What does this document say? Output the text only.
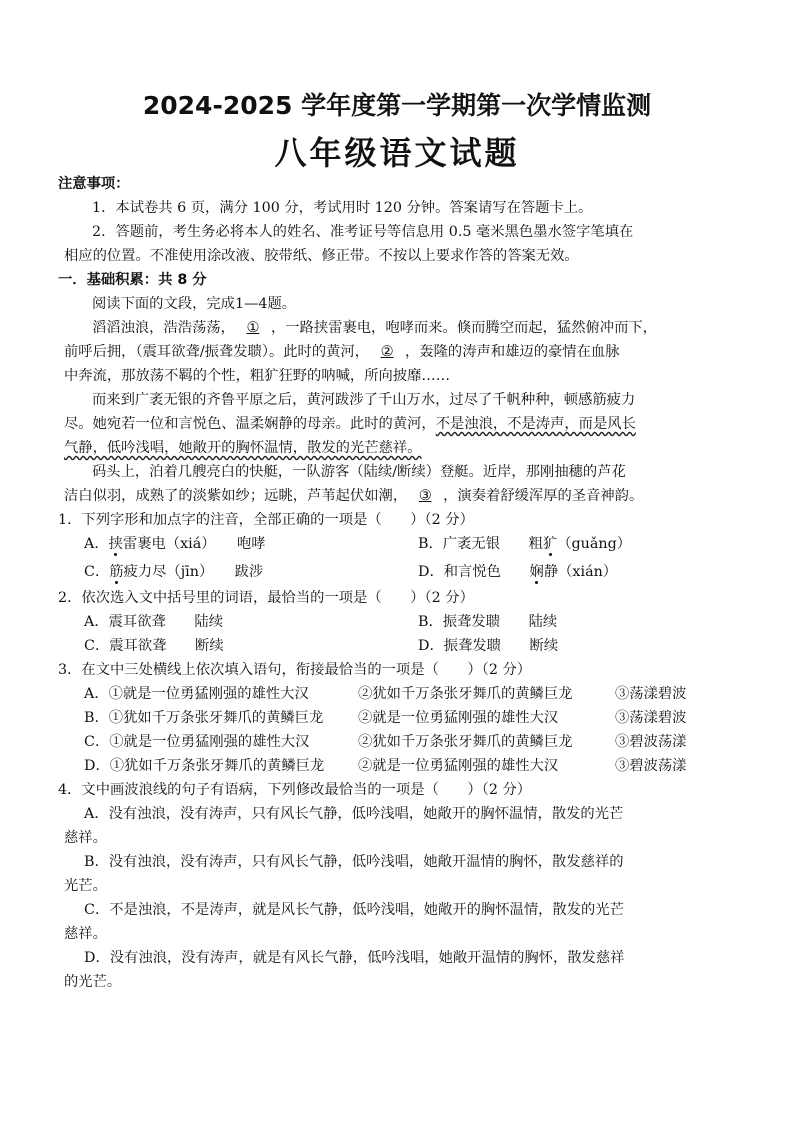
2024-2025 学年度第一学期第一次学情监测
八年级语文试题
注意事项：
1．本试卷共 6 页，满分 100 分，考试用时 120 分钟。答案请写在答题卡上。
2．答题前，考生务必将本人的姓名、准考证号等信息用 0.5 毫米黑色墨水签字笔填在
相应的位置。不准使用涂改液、胶带纸、修正带。不按以上要求作答的答案无效。
一．基础积累：共 8 分
阅读下面的文段，完成1—4题。
滔滔浊浪，浩浩荡荡， ① ，一路挟雷裹电，咆哮而来。倏而腾空而起，猛然俯冲而下，
前呼后拥，（震耳欲聋/振聋发聩）。此时的黄河， ② ，轰隆的涛声和雄迈的豪情在血脉
中奔流，那放荡不羁的个性，粗犷狂野的呐喊，所向披靡……
而来到广袤无银的齐鲁平原之后，黄河跋涉了千山万水，过尽了千帆种种，顿感筋疲力
尽。她宛若一位和言悦色、温柔娴静的母亲。此时的黄河，不是浊浪，不是涛声，而是风长
气静，低吟浅唱，她敞开的胸怀温情，散发的光芒慈祥。
码头上，泊着几艘亮白的快艇，一队游客（陆续/断续）登艇。近岸，那刚抽穗的芦花
洁白似羽，成熟了的淡紫如纱；远眺，芦苇起伏如潮， ③ ，演奏着舒缓浑厚的圣音神韵。
1．下列字形和加点字的注音，全部正确的一项是（　　）（2 分）
A．挟雷裹电（xiá）　　咆哮	B．广袤无银　　粗犷（guǎng）
C．筋疲力尽（jīn）　　跋涉	D．和言悦色　　娴静（xián）
2．依次选入文中括号里的词语，最恰当的一项是（　　）（2 分）
A．震耳欲聋　　陆续	B．振聋发聩　　陆续
C．震耳欲聋　　断续	D．振聋发聩　　断续
3．在文中三处横线上依次填入语句，衔接最恰当的一项是（　　）（2 分）
A．①就是一位勇猛刚强的雄性大汉	②犹如千万条张牙舞爪的黄鳞巨龙	③荡漾碧波
B．①犹如千万条张牙舞爪的黄鳞巨龙	②就是一位勇猛刚强的雄性大汉	③荡漾碧波
C．①就是一位勇猛刚强的雄性大汉	②犹如千万条张牙舞爪的黄鳞巨龙	③碧波荡漾
D．①犹如千万条张牙舞爪的黄鳞巨龙	②就是一位勇猛刚强的雄性大汉	③碧波荡漾
4．文中画波浪线的句子有语病，下列修改最恰当的一项是（　　）（2 分）
A．没有浊浪，没有涛声，只有风长气静，低吟浅唱，她敞开的胸怀温情，散发的光芒
慈祥。
B．没有浊浪，没有涛声，只有风长气静，低吟浅唱，她敞开温情的胸怀，散发慈祥的
光芒。
C．不是浊浪，不是涛声，就是风长气静，低吟浅唱，她敞开的胸怀温情，散发的光芒
慈祥。
D．没有浊浪，没有涛声，就是有风长气静，低吟浅唱，她敞开温情的胸怀，散发慈祥
的光芒。
